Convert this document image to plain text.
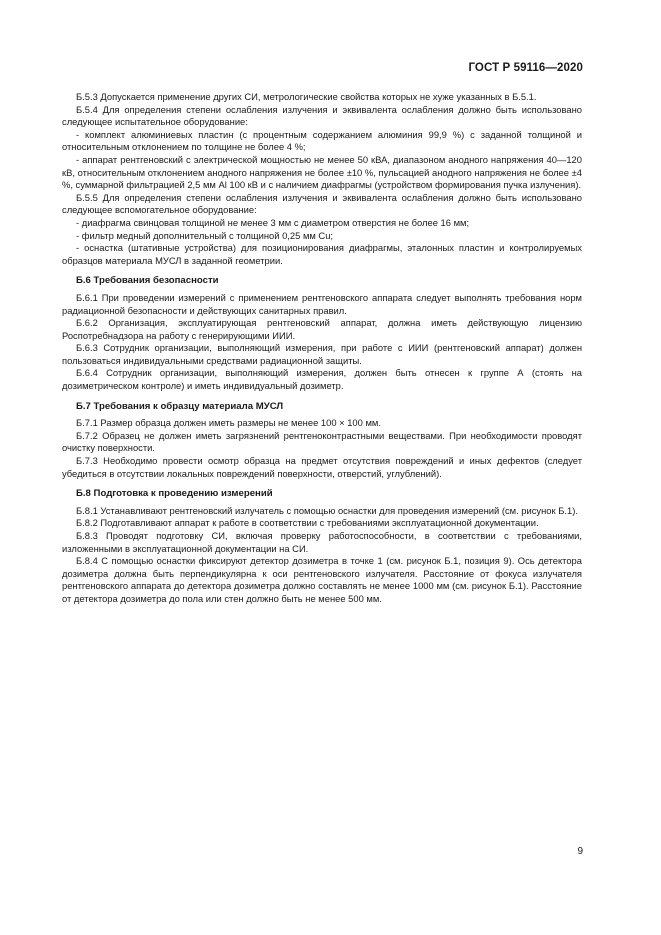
ГОСТ Р 59116—2020

Б.5.3 Допускается применение других СИ, метрологические свойства которых не хуже указанных в Б.5.1.

Б.5.4 Для определения степени ослабления излучения и эквивалента ослабления должно быть использовано следующее испытательное оборудование:

- комплект алюминиевых пластин (с процентным содержанием алюминия 99,9 %) с заданной толщиной и относительным отклонением по толщине не более 4 %;

- аппарат рентгеновский с электрической мощностью не менее 50 кВА, диапазоном анодного напряжения 40—120 кВ, относительным отклонением анодного напряжения не более ±10 %, пульсацией анодного напряжения не более ±4 %, суммарной фильтрацией 2,5 мм Al 100 кВ и с наличием диафрагмы (устройством формирования пучка излучения).

Б.5.5 Для определения степени ослабления излучения и эквивалента ослабления должно быть использовано следующее вспомогательное оборудование:

- диафрагма свинцовая толщиной не менее 3 мм с диаметром отверстия не более 16 мм;

- фильтр медный дополнительный с толщиной 0,25 мм Cu;

- оснастка (штативные устройства) для позиционирования диафрагмы, эталонных пластин и контролируемых образцов материала МУСЛ в заданной геометрии.

Б.6 Требования безопасности

Б.6.1 При проведении измерений с применением рентгеновского аппарата следует выполнять требования норм радиационной безопасности и действующих санитарных правил.

Б.6.2 Организация, эксплуатирующая рентгеновский аппарат, должна иметь действующую лицензию Роспотребнадзора на работу с генерирующими ИИИ.

Б.6.3 Сотрудник организации, выполняющий измерения, при работе с ИИИ (рентгеновский аппарат) должен пользоваться индивидуальными средствами радиационной защиты.

Б.6.4 Сотрудник организации, выполняющий измерения, должен быть отнесен к группе А (стоять на дозиметрическом контроле) и иметь индивидуальный дозиметр.

Б.7 Требования к образцу материала МУСЛ

Б.7.1 Размер образца должен иметь размеры не менее 100 × 100 мм.

Б.7.2 Образец не должен иметь загрязнений рентгеноконтрастными веществами. При необходимости проводят очистку поверхности.

Б.7.3 Необходимо провести осмотр образца на предмет отсутствия повреждений и иных дефектов (следует убедиться в отсутствии локальных повреждений поверхности, отверстий, углублений).

Б.8 Подготовка к проведению измерений

Б.8.1 Устанавливают рентгеновский излучатель с помощью оснастки для проведения измерений (см. рисунок Б.1).

Б.8.2 Подготавливают аппарат к работе в соответствии с требованиями эксплуатационной документации.

Б.8.3 Проводят подготовку СИ, включая проверку работоспособности, в соответствии с требованиями, изложенными в эксплуатационной документации на СИ.

Б.8.4 С помощью оснастки фиксируют детектор дозиметра в точке 1 (см. рисунок Б.1, позиция 9). Ось детектора дозиметра должна быть перпендикулярна к оси рентгеновского излучателя. Расстояние от фокуса излучателя рентгеновского аппарата до детектора дозиметра должно составлять не менее 1000 мм (см. рисунок Б.1). Расстояние от детектора дозиметра до пола или стен должно быть не менее 500 мм.

9
